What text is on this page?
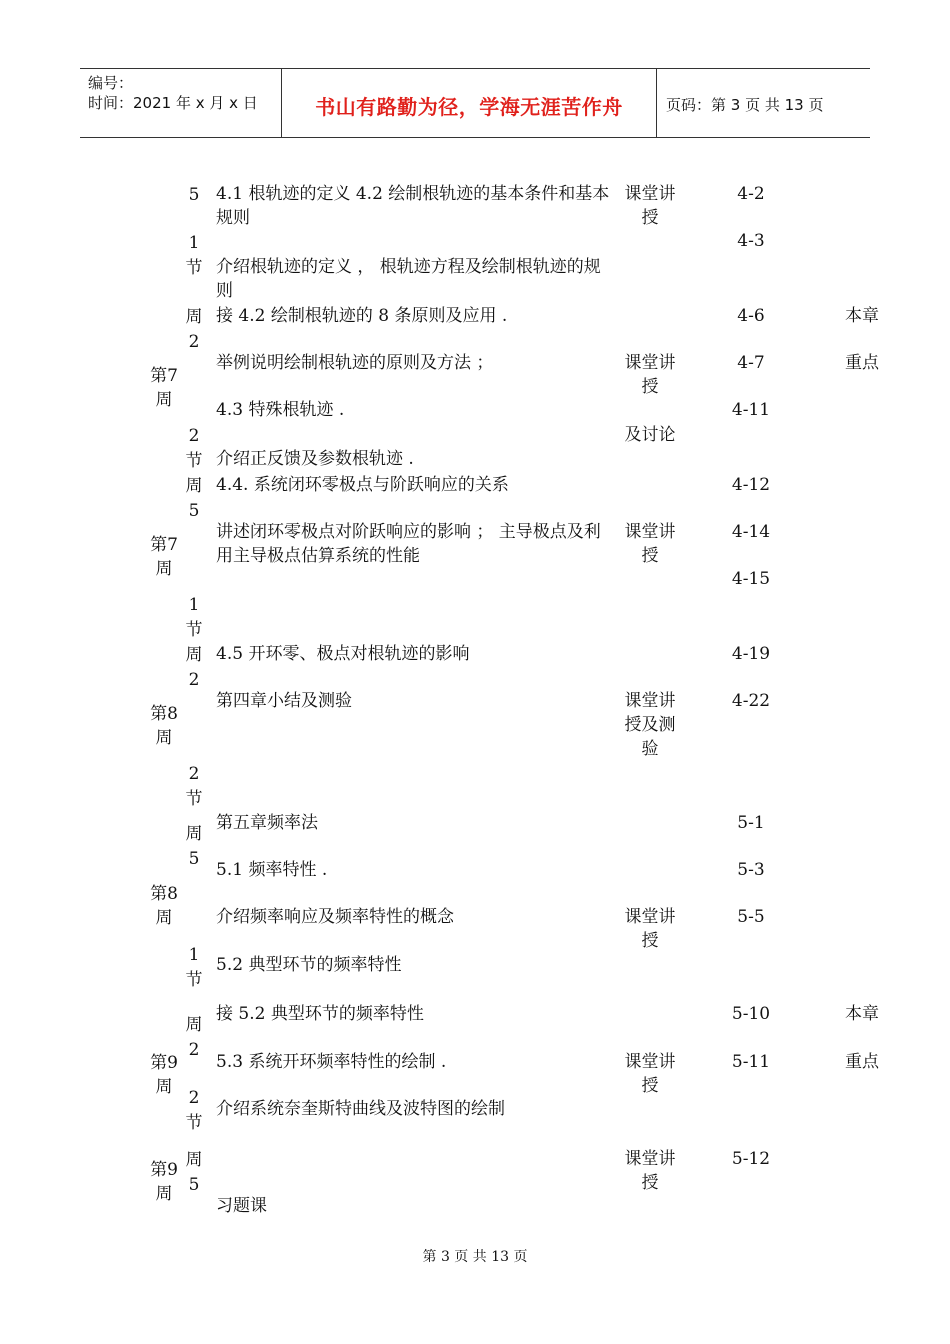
编号：
时间：2021 年 x 月 x 日	书山有路勤为径，学海无涯苦作舟	页码：第 3 页 共 13 页
第7
周
第7
周
第8
周
第8
周
第9
周
第9
周
5
1
节
周
2
2
节
周
5
1
节
周
2
2
节
周
5
1
节
周
2
2
节
周
5
4.1 根轨迹的定义 4.2 绘制根轨迹的基本条件和基本规则
介绍根轨迹的定义 ， 根轨迹方程及绘制根轨迹的规则
接 4.2 绘制根轨迹的 8 条原则及应用 .
举例说明绘制根轨迹的原则及方法 ；
4.3 特殊根轨迹 .
介绍正反馈及参数根轨迹 .
4.4. 系统闭环零极点与阶跃响应的关系
讲述闭环零极点对阶跃响应的影响 ； 主导极点及利用主导极点估算系统的性能
4.5 开环零、极点对根轨迹的影响
第四章小结及测验
第五章频率法
5.1 频率特性 .
介绍频率响应及频率特性的概念
5.2 典型环节的频率特性
接 5.2 典型环节的频率特性
5.3 系统开环频率特性的绘制 .
介绍系统奈奎斯特曲线及波特图的绘制
习题课
课堂讲
授
课堂讲
授
及讨论
课堂讲
授
课堂讲
授及测
验
课堂讲
授
课堂讲
授
课堂讲
授
4-2
4-3
4-6
4-7
4-11
4-12
4-14
4-15
4-19
4-22
5-1
5-3
5-5
5-10
5-11
5-12
本章
重点
本章
重点
第 3 页 共 13 页
